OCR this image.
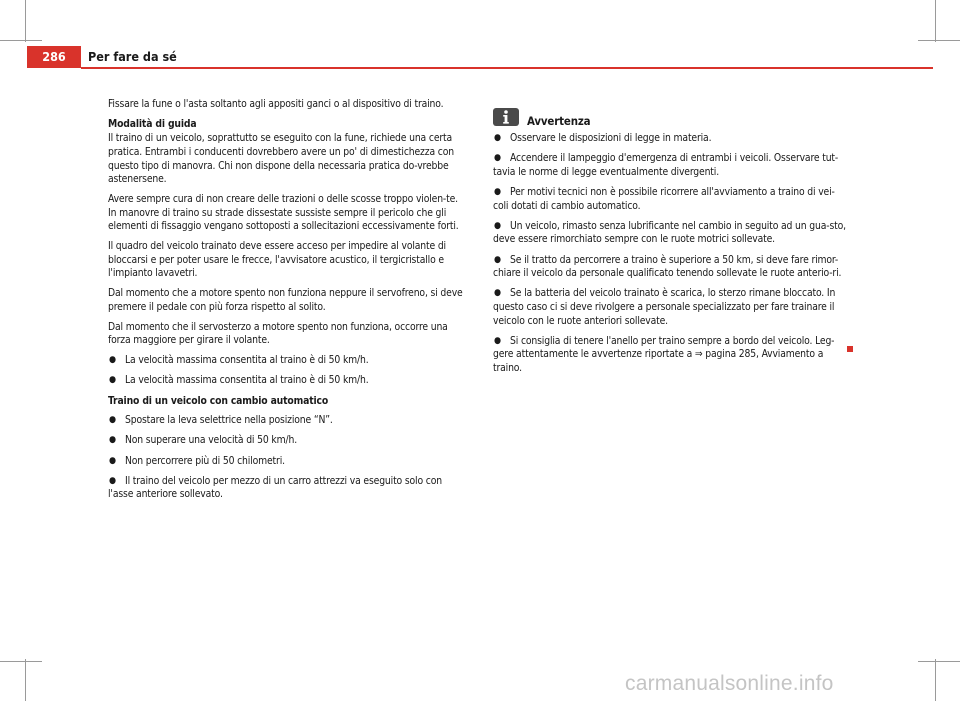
286	Per fare da sé

Fissare la fune o l'asta soltanto agli appositi ganci o al dispositivo di traino.

Modalità di guida

Il traino di un veicolo, soprattutto se eseguito con la fune, richiede una certa pratica. Entrambi i conducenti dovrebbero avere un po' di dimestichezza con questo tipo di manovra. Chi non dispone della necessaria pratica do-vrebbe astenersene.

Avere sempre cura di non creare delle trazioni o delle scosse troppo violen-te. In manovre di traino su strade dissestate sussiste sempre il pericolo che gli elementi di fissaggio vengano sottoposti a sollecitazioni eccessivamente forti.

Il quadro del veicolo trainato deve essere acceso per impedire al volante di bloccarsi e per poter usare le frecce, l'avvisatore acustico, il tergicristallo e l'impianto lavavetri.

Dal momento che a motore spento non funziona neppure il servofreno, si deve premere il pedale con più forza rispetto al solito.

Dal momento che il servosterzo a motore spento non funziona, occorre una forza maggiore per girare il volante.

● La velocità massima consentita al traino è di 50 km/h.
● La velocità massima consentita al traino è di 50 km/h.
Traino di un veicolo con cambio automatico
● Spostare la leva selettrice nella posizione “N”.
● Non superare una velocità di 50 km/h.
● Non percorrere più di 50 chilometri.
● Il traino del veicolo per mezzo di un carro attrezzi va eseguito solo con l'asse anteriore sollevato.
Avvertenza
● Osservare le disposizioni di legge in materia.
● Accendere il lampeggio d'emergenza di entrambi i veicoli. Osservare tut-tavia le norme di legge eventualmente divergenti.
● Per motivi tecnici non è possibile ricorrere all'avviamento a traino di vei-coli dotati di cambio automatico.
● Un veicolo, rimasto senza lubrificante nel cambio in seguito ad un gua-sto, deve essere rimorchiato sempre con le ruote motrici sollevate.
● Se il tratto da percorrere a traino è superiore a 50 km, si deve fare rimor-chiare il veicolo da personale qualificato tenendo sollevate le ruote anterio-ri.
● Se la batteria del veicolo trainato è scarica, lo sterzo rimane bloccato. In questo caso ci si deve rivolgere a personale specializzato per fare trainare il veicolo con le ruote anteriori sollevate.
● Si consiglia di tenere l'anello per traino sempre a bordo del veicolo. Leg-gere attentamente le avvertenze riportate a ⇒ pagina 285, Avviamento a traino.
carmanualsonline.info
